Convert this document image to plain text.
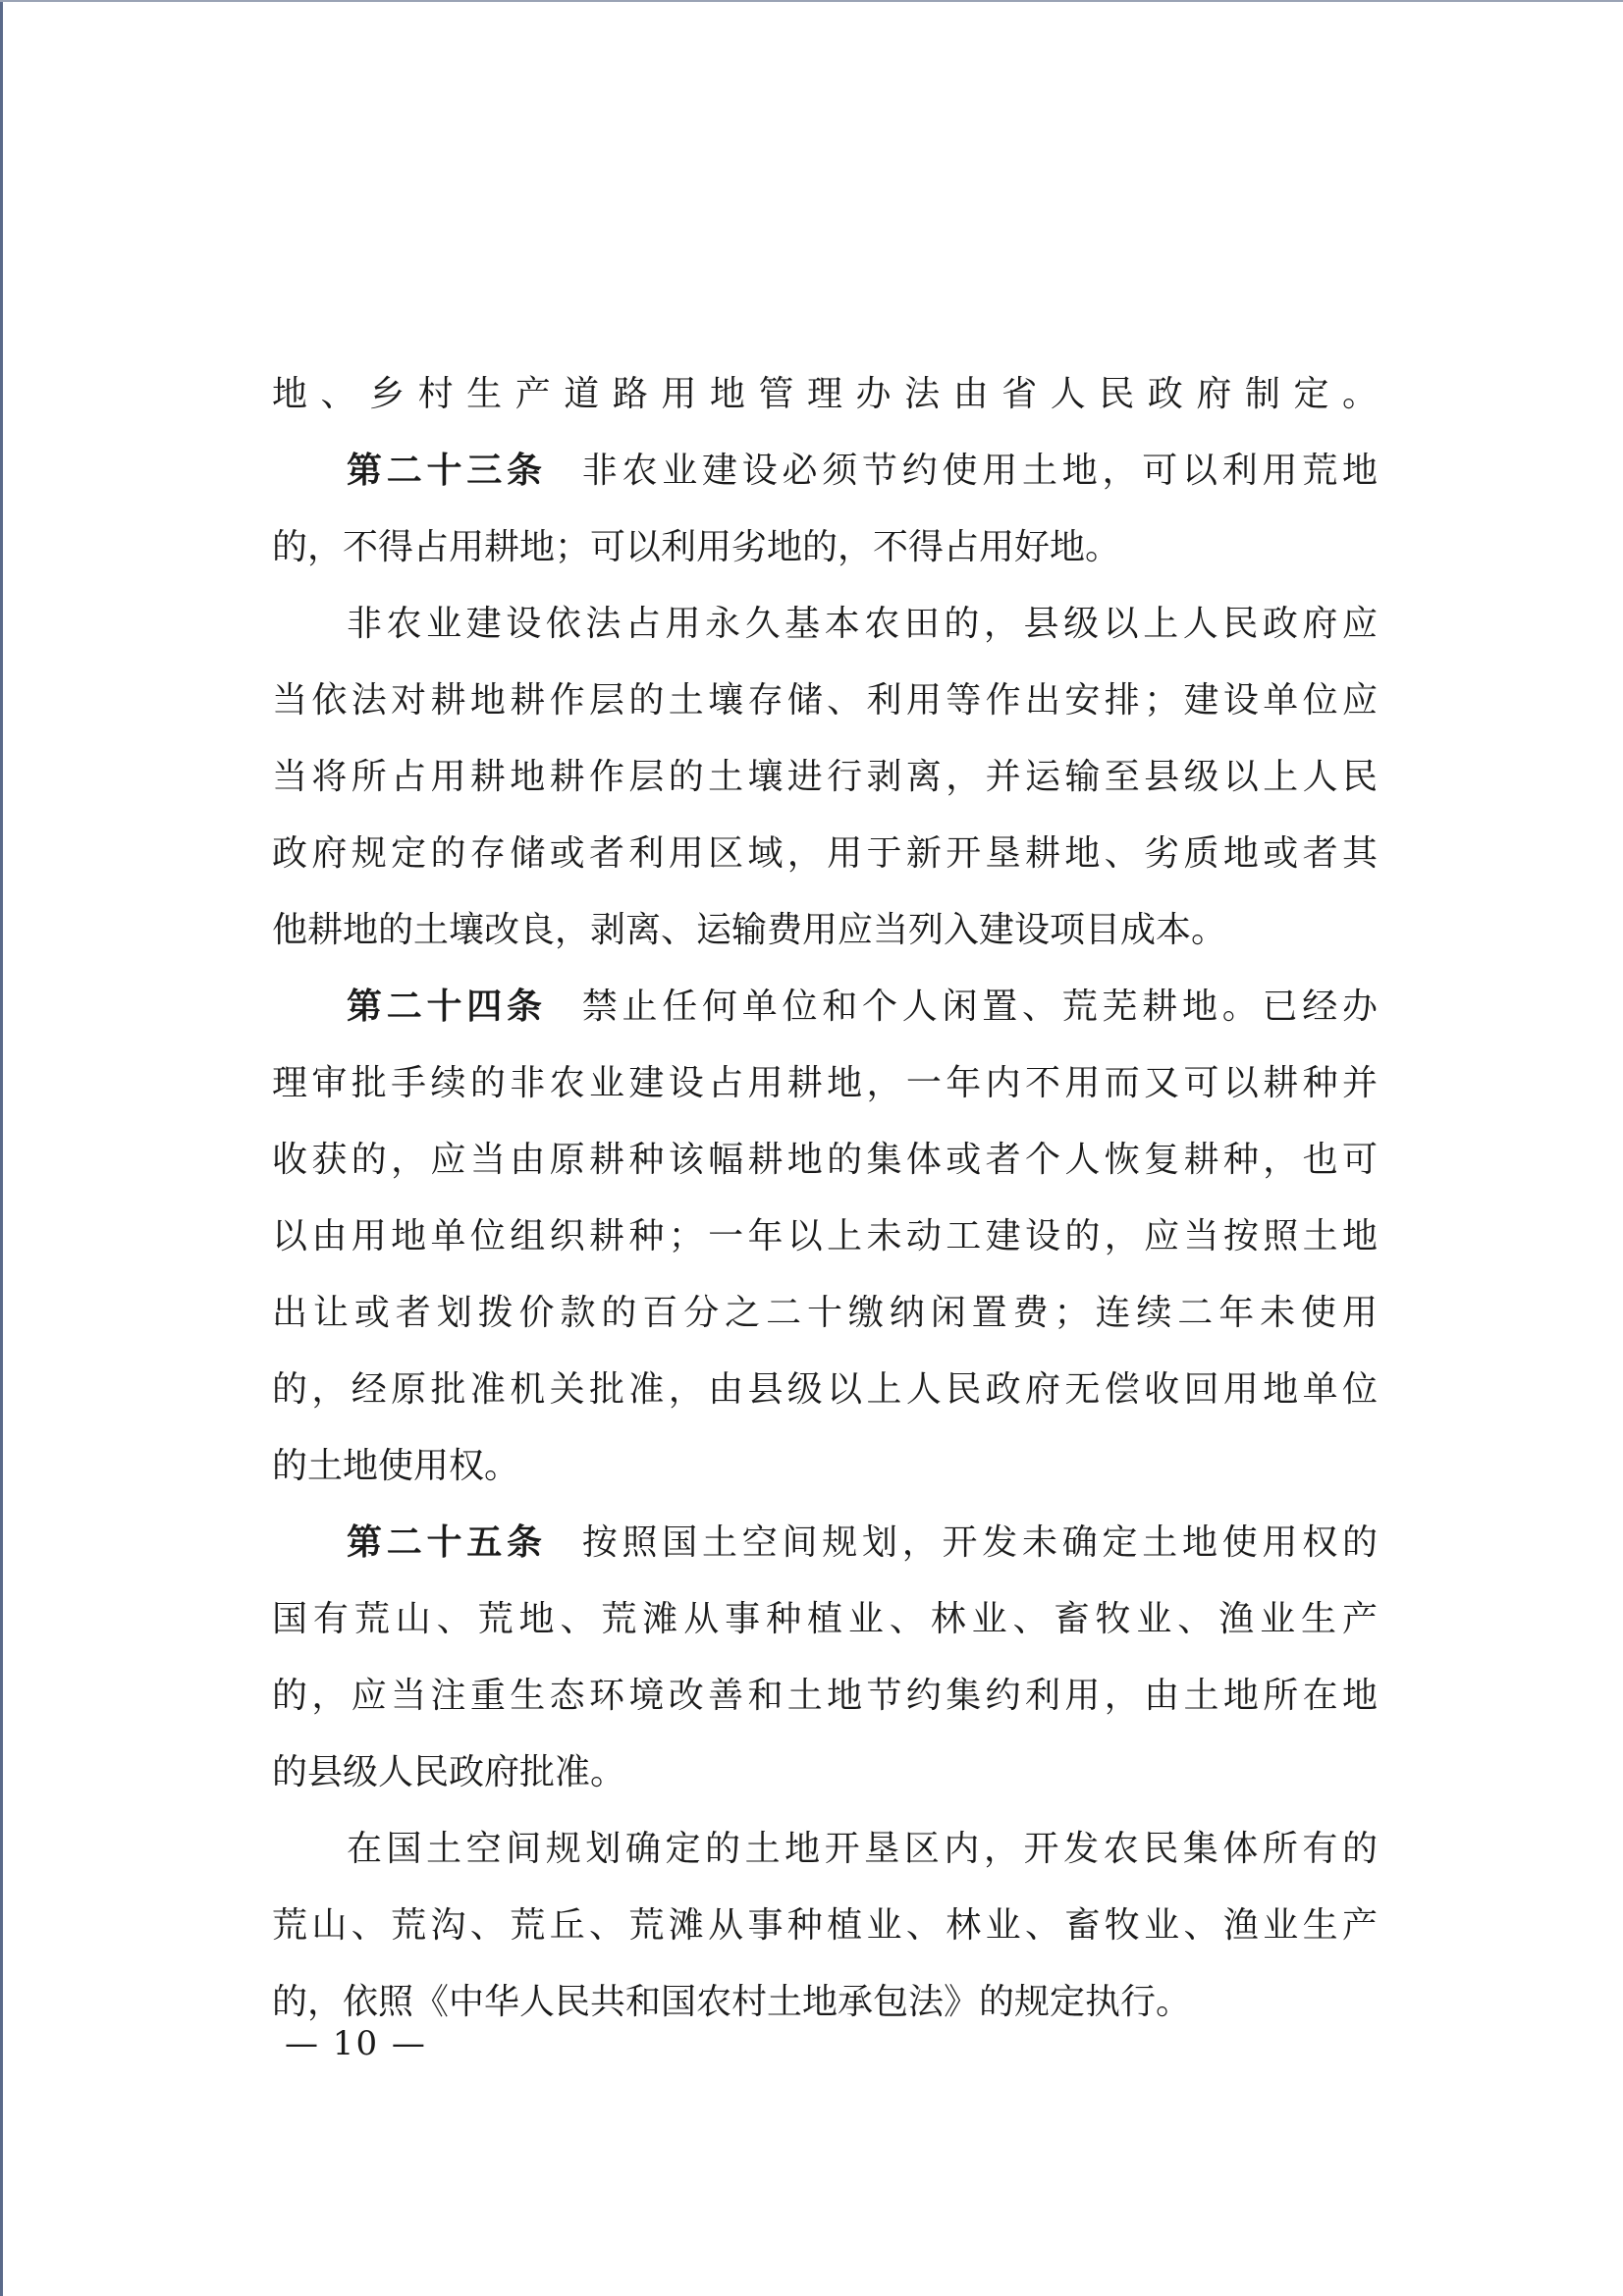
地、乡村生产道路用地管理办法由省人民政府制定。
第二十三条 非农业建设必须节约使用土地，可以利用荒地
的，不得占用耕地；可以利用劣地的，不得占用好地。
非农业建设依法占用永久基本农田的，县级以上人民政府应
当依法对耕地耕作层的土壤存储、利用等作出安排；建设单位应
当将所占用耕地耕作层的土壤进行剥离，并运输至县级以上人民
政府规定的存储或者利用区域，用于新开垦耕地、劣质地或者其
他耕地的土壤改良，剥离、运输费用应当列入建设项目成本。
第二十四条 禁止任何单位和个人闲置、荒芜耕地。已经办
理审批手续的非农业建设占用耕地，一年内不用而又可以耕种并
收获的，应当由原耕种该幅耕地的集体或者个人恢复耕种，也可
以由用地单位组织耕种；一年以上未动工建设的，应当按照土地
出让或者划拨价款的百分之二十缴纳闲置费；连续二年未使用
的，经原批准机关批准，由县级以上人民政府无偿收回用地单位
的土地使用权。
第二十五条 按照国土空间规划，开发未确定土地使用权的
国有荒山、荒地、荒滩从事种植业、林业、畜牧业、渔业生产
的，应当注重生态环境改善和土地节约集约利用，由土地所在地
的县级人民政府批准。
在国土空间规划确定的土地开垦区内，开发农民集体所有的
荒山、荒沟、荒丘、荒滩从事种植业、林业、畜牧业、渔业生产
的，依照《中华人民共和国农村土地承包法》的规定执行。
— 10 —
